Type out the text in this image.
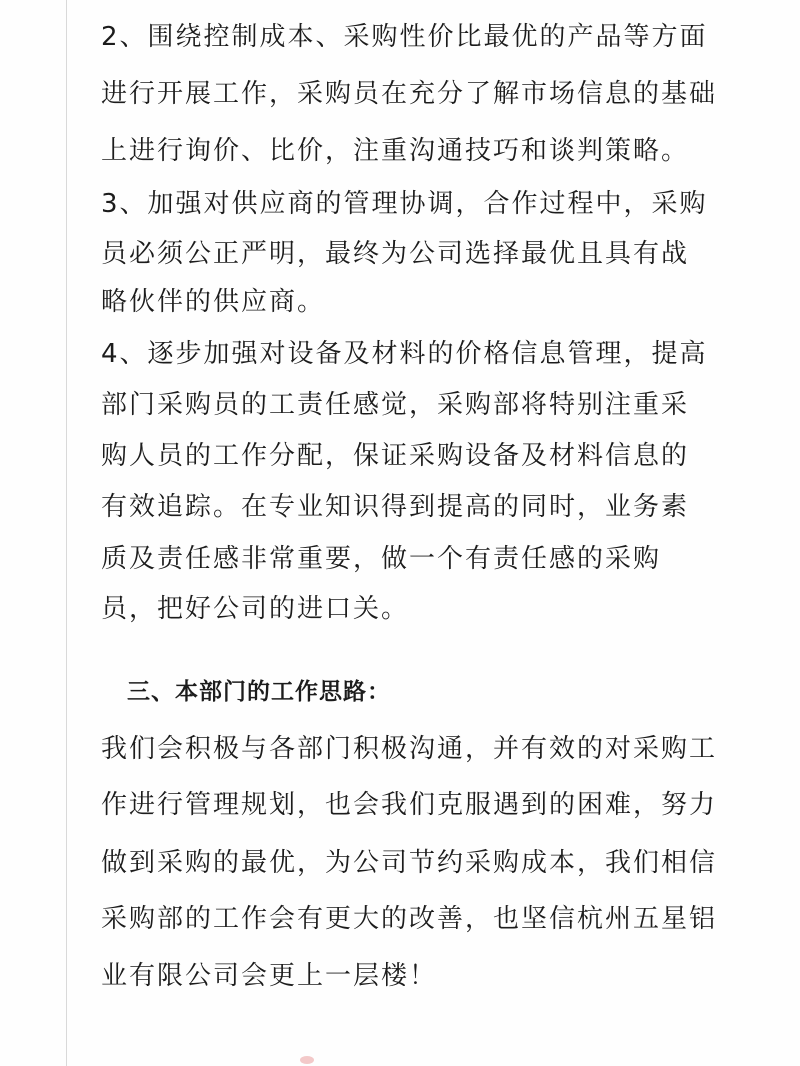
2、围绕控制成本、采购性价比最优的产品等方面
进行开展工作，采购员在充分了解市场信息的基础
上进行询价、比价，注重沟通技巧和谈判策略。
3、加强对供应商的管理协调，合作过程中，采购
员必须公正严明，最终为公司选择最优且具有战
略伙伴的供应商。
4、逐步加强对设备及材料的价格信息管理，提高
部门采购员的工责任感觉，采购部将特别注重采
购人员的工作分配，保证采购设备及材料信息的
有效追踪。在专业知识得到提高的同时，业务素
质及责任感非常重要，做一个有责任感的采购
员，把好公司的进口关。
三、本部门的工作思路：
我们会积极与各部门积极沟通，并有效的对采购工
作进行管理规划，也会我们克服遇到的困难，努力
做到采购的最优，为公司节约采购成本，我们相信
采购部的工作会有更大的改善，也坚信杭州五星铝
业有限公司会更上一层楼！
